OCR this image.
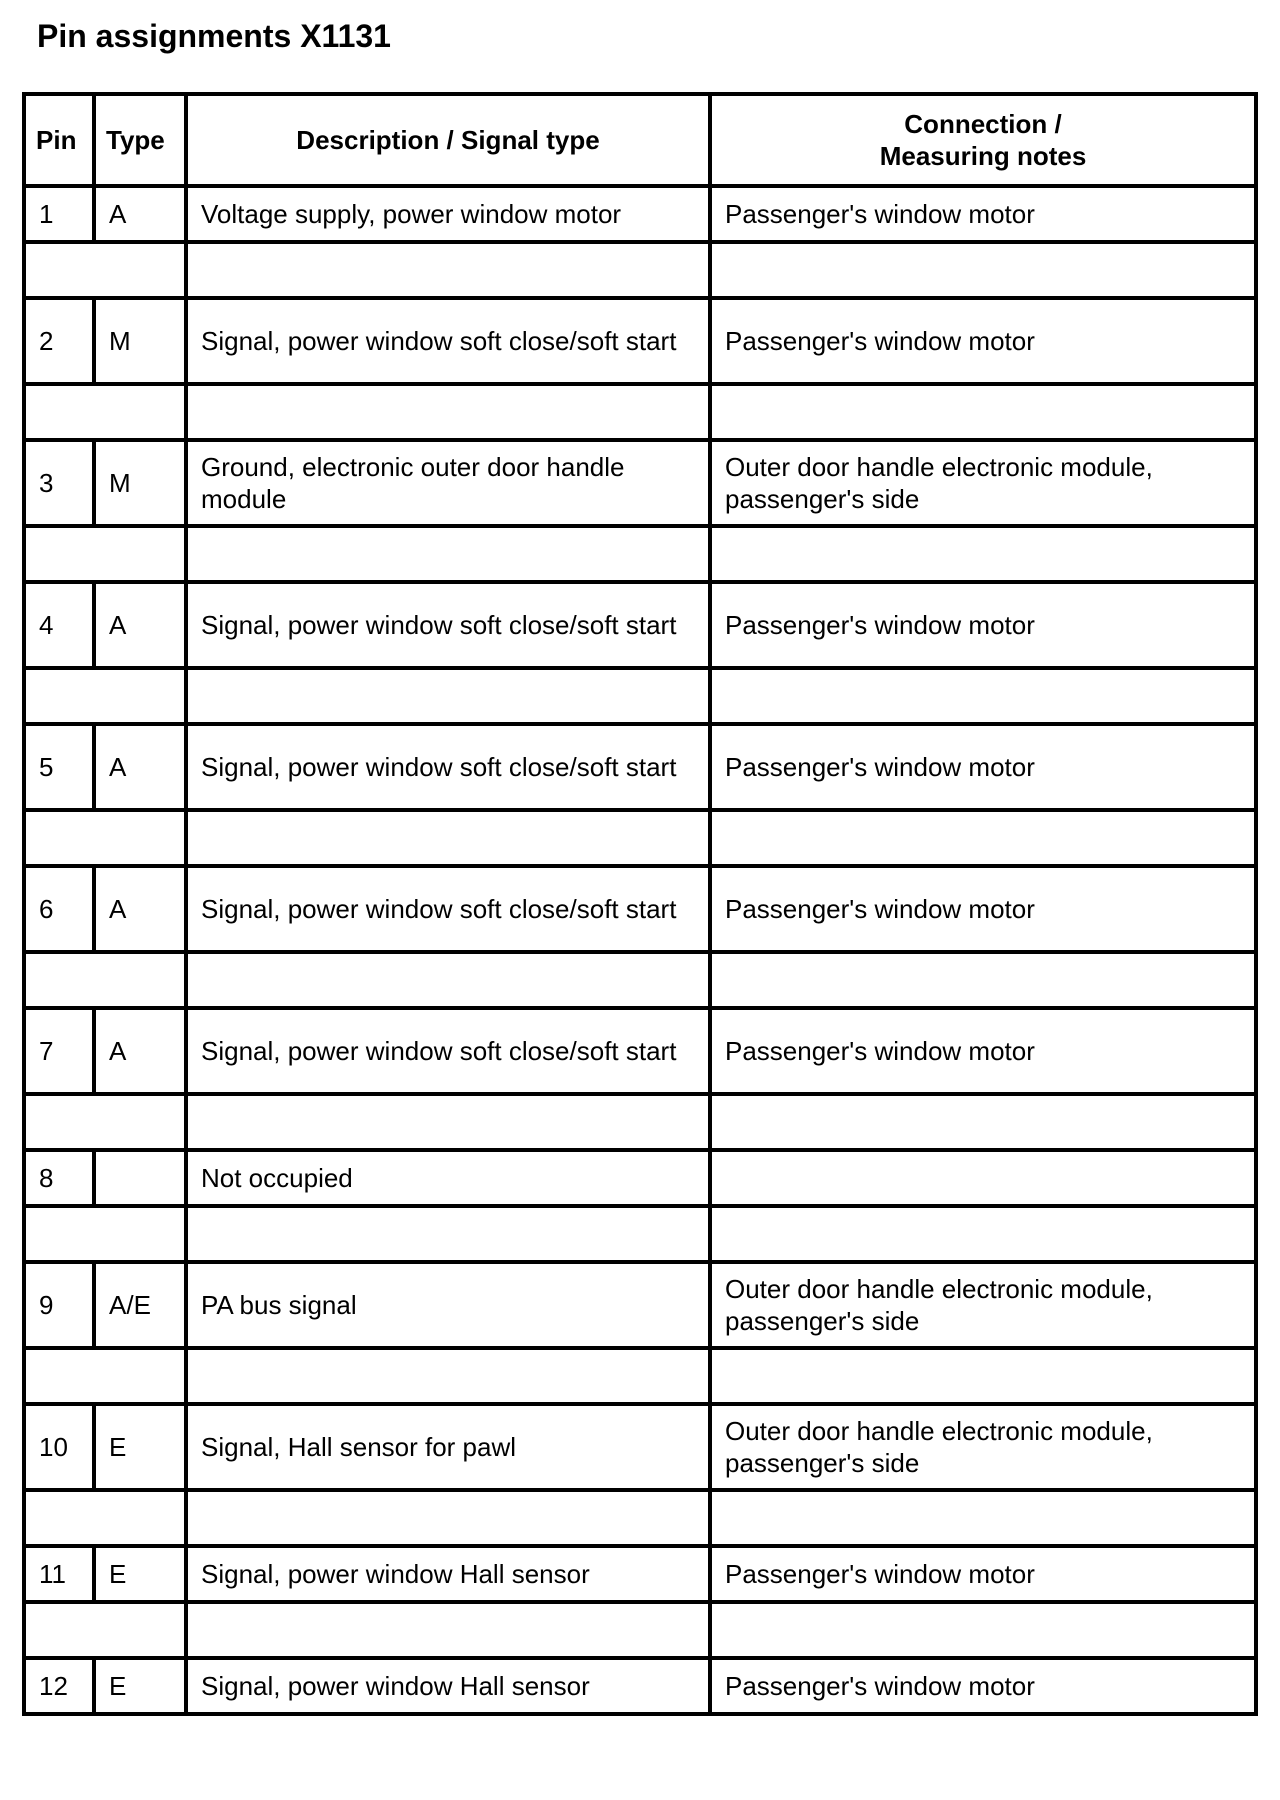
Pin assignments X1131
Pin	Type	Description / Signal type	Connection /
Measuring notes

1	A	Voltage supply, power window motor	Passenger's window motor

2	M	Signal, power window soft close/soft start	Passenger's window motor

3	M	Ground, electronic outer door handle module	Outer door handle electronic module, passenger's side

4	A	Signal, power window soft close/soft start	Passenger's window motor

5	A	Signal, power window soft close/soft start	Passenger's window motor

6	A	Signal, power window soft close/soft start	Passenger's window motor

7	A	Signal, power window soft close/soft start	Passenger's window motor

8		Not occupied	

9	A/E	PA bus signal	Outer door handle electronic module, passenger's side

10	E	Signal, Hall sensor for pawl	Outer door handle electronic module, passenger's side

11	E	Signal, power window Hall sensor	Passenger's window motor

12	E	Signal, power window Hall sensor	Passenger's window motor
